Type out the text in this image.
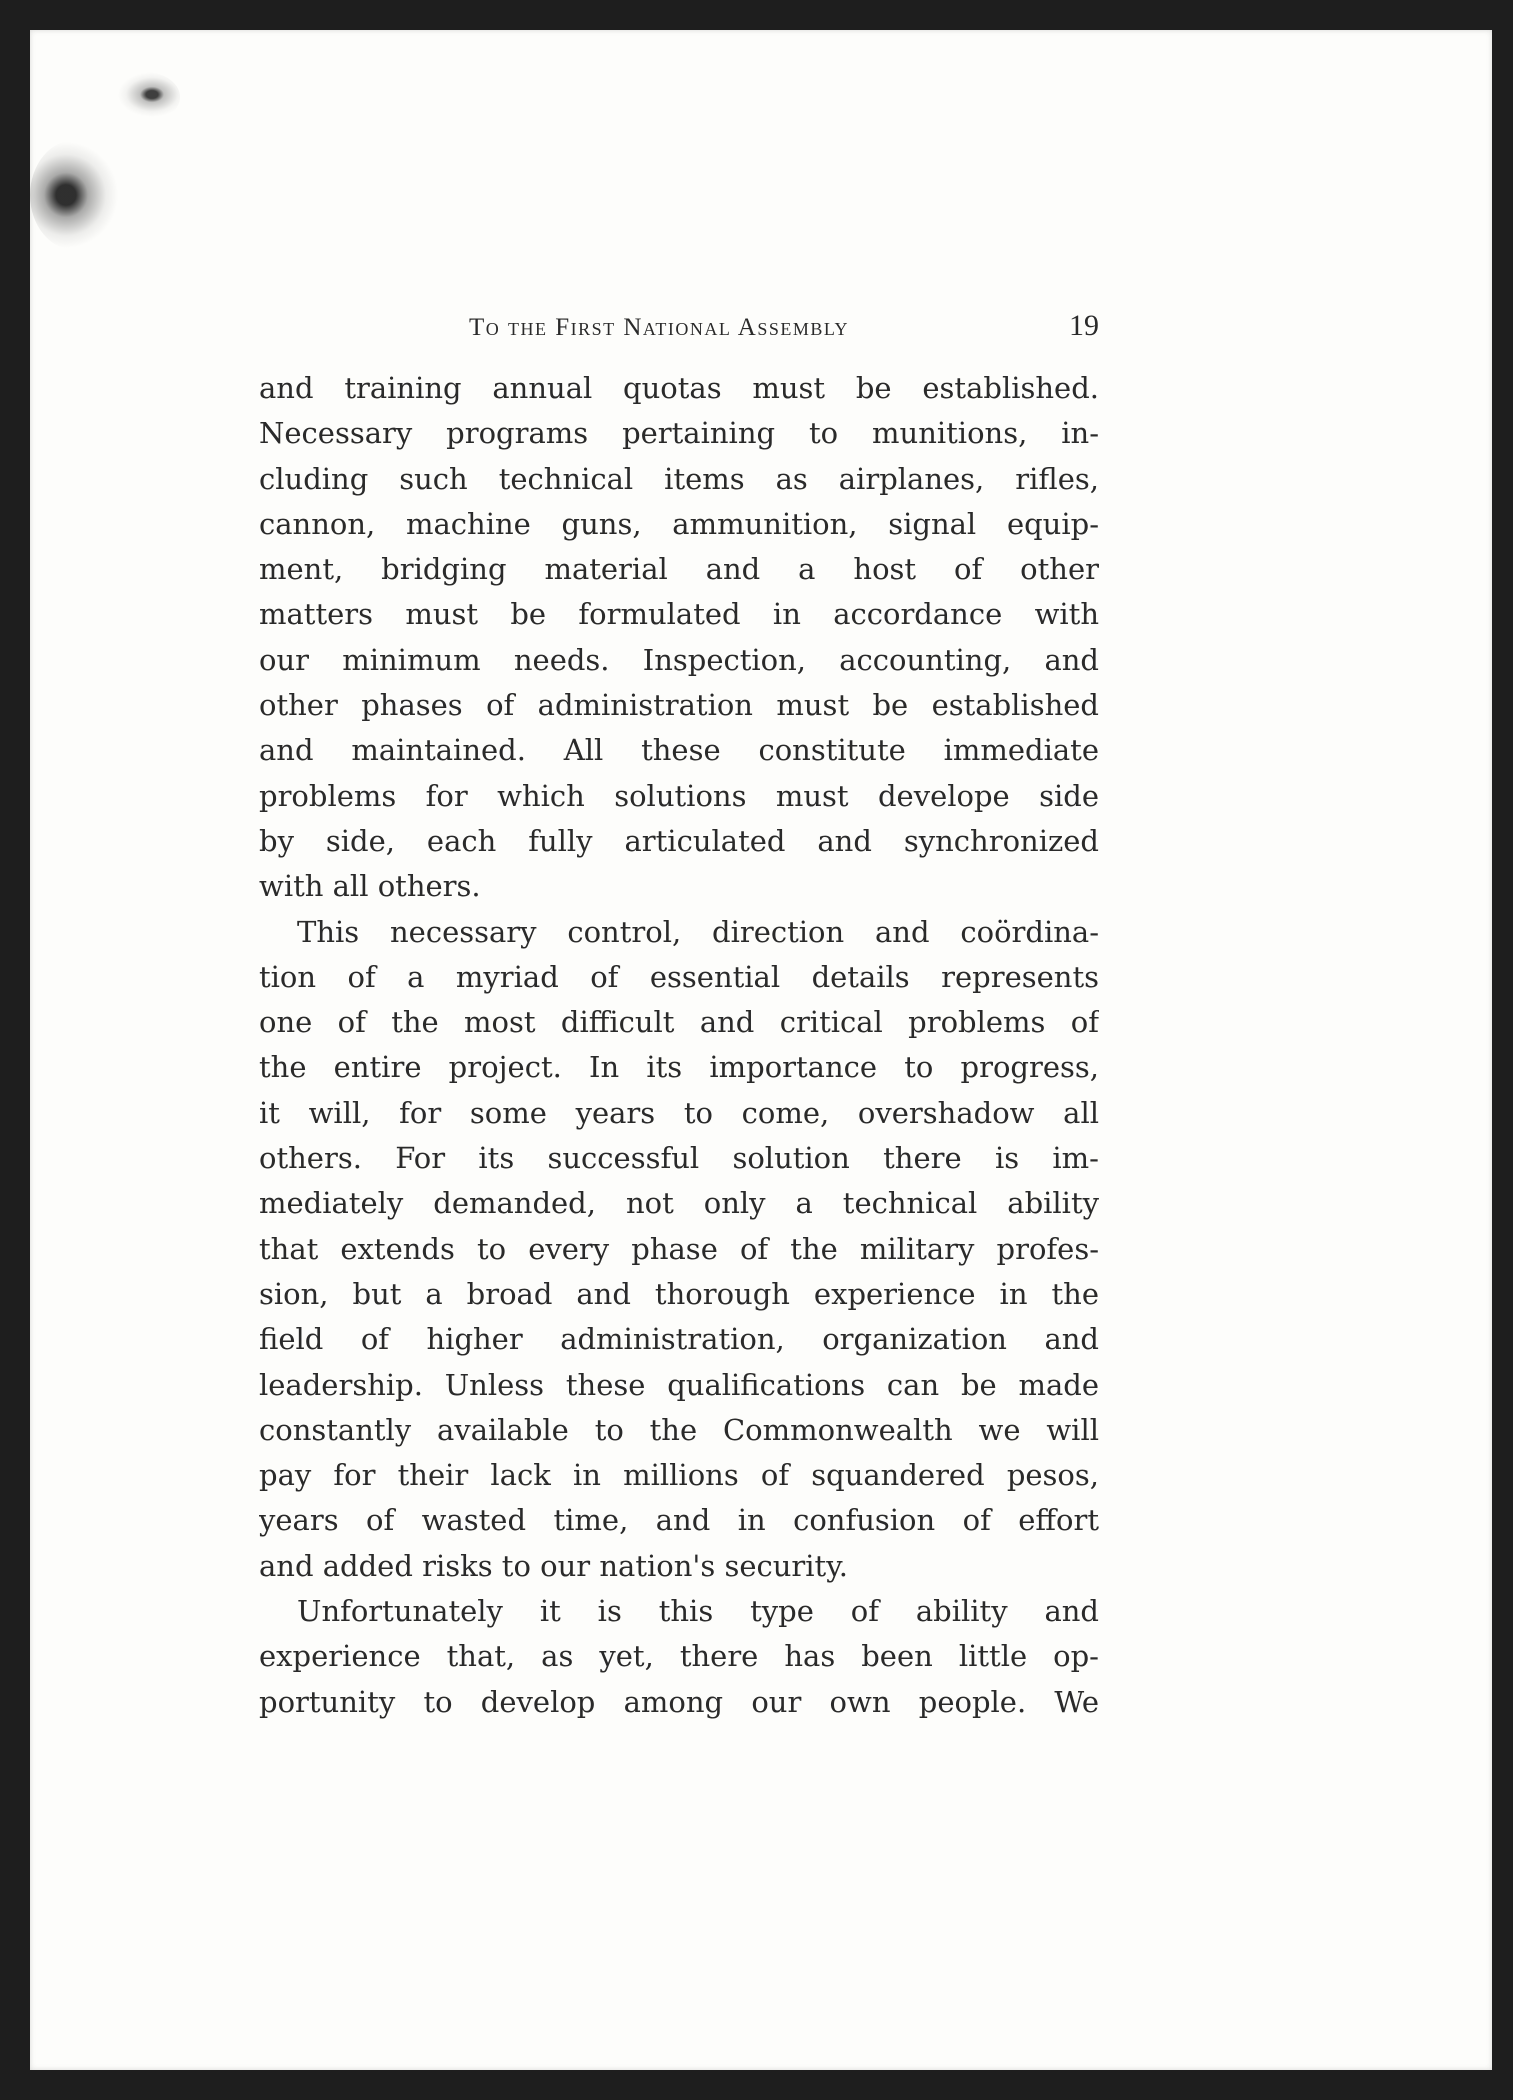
To the First National Assembly	19

and training annual quotas must be established.
Necessary programs pertaining to munitions, in-
cluding such technical items as airplanes, rifles,
cannon, machine guns, ammunition, signal equip-
ment, bridging material and a host of other
matters must be formulated in accordance with
our minimum needs. Inspection, accounting, and
other phases of administration must be established
and maintained. All these constitute immediate
problems for which solutions must develope side
by side, each fully articulated and synchronized
with all others.

This necessary control, direction and coördina-
tion of a myriad of essential details represents
one of the most difficult and critical problems of
the entire project. In its importance to progress,
it will, for some years to come, overshadow all
others. For its successful solution there is im-
mediately demanded, not only a technical ability
that extends to every phase of the military profes-
sion, but a broad and thorough experience in the
field of higher administration, organization and
leadership. Unless these qualifications can be made
constantly available to the Commonwealth we will
pay for their lack in millions of squandered pesos,
years of wasted time, and in confusion of effort
and added risks to our nation's security.

Unfortunately it is this type of ability and
experience that, as yet, there has been little op-
portunity to develop among our own people. We
